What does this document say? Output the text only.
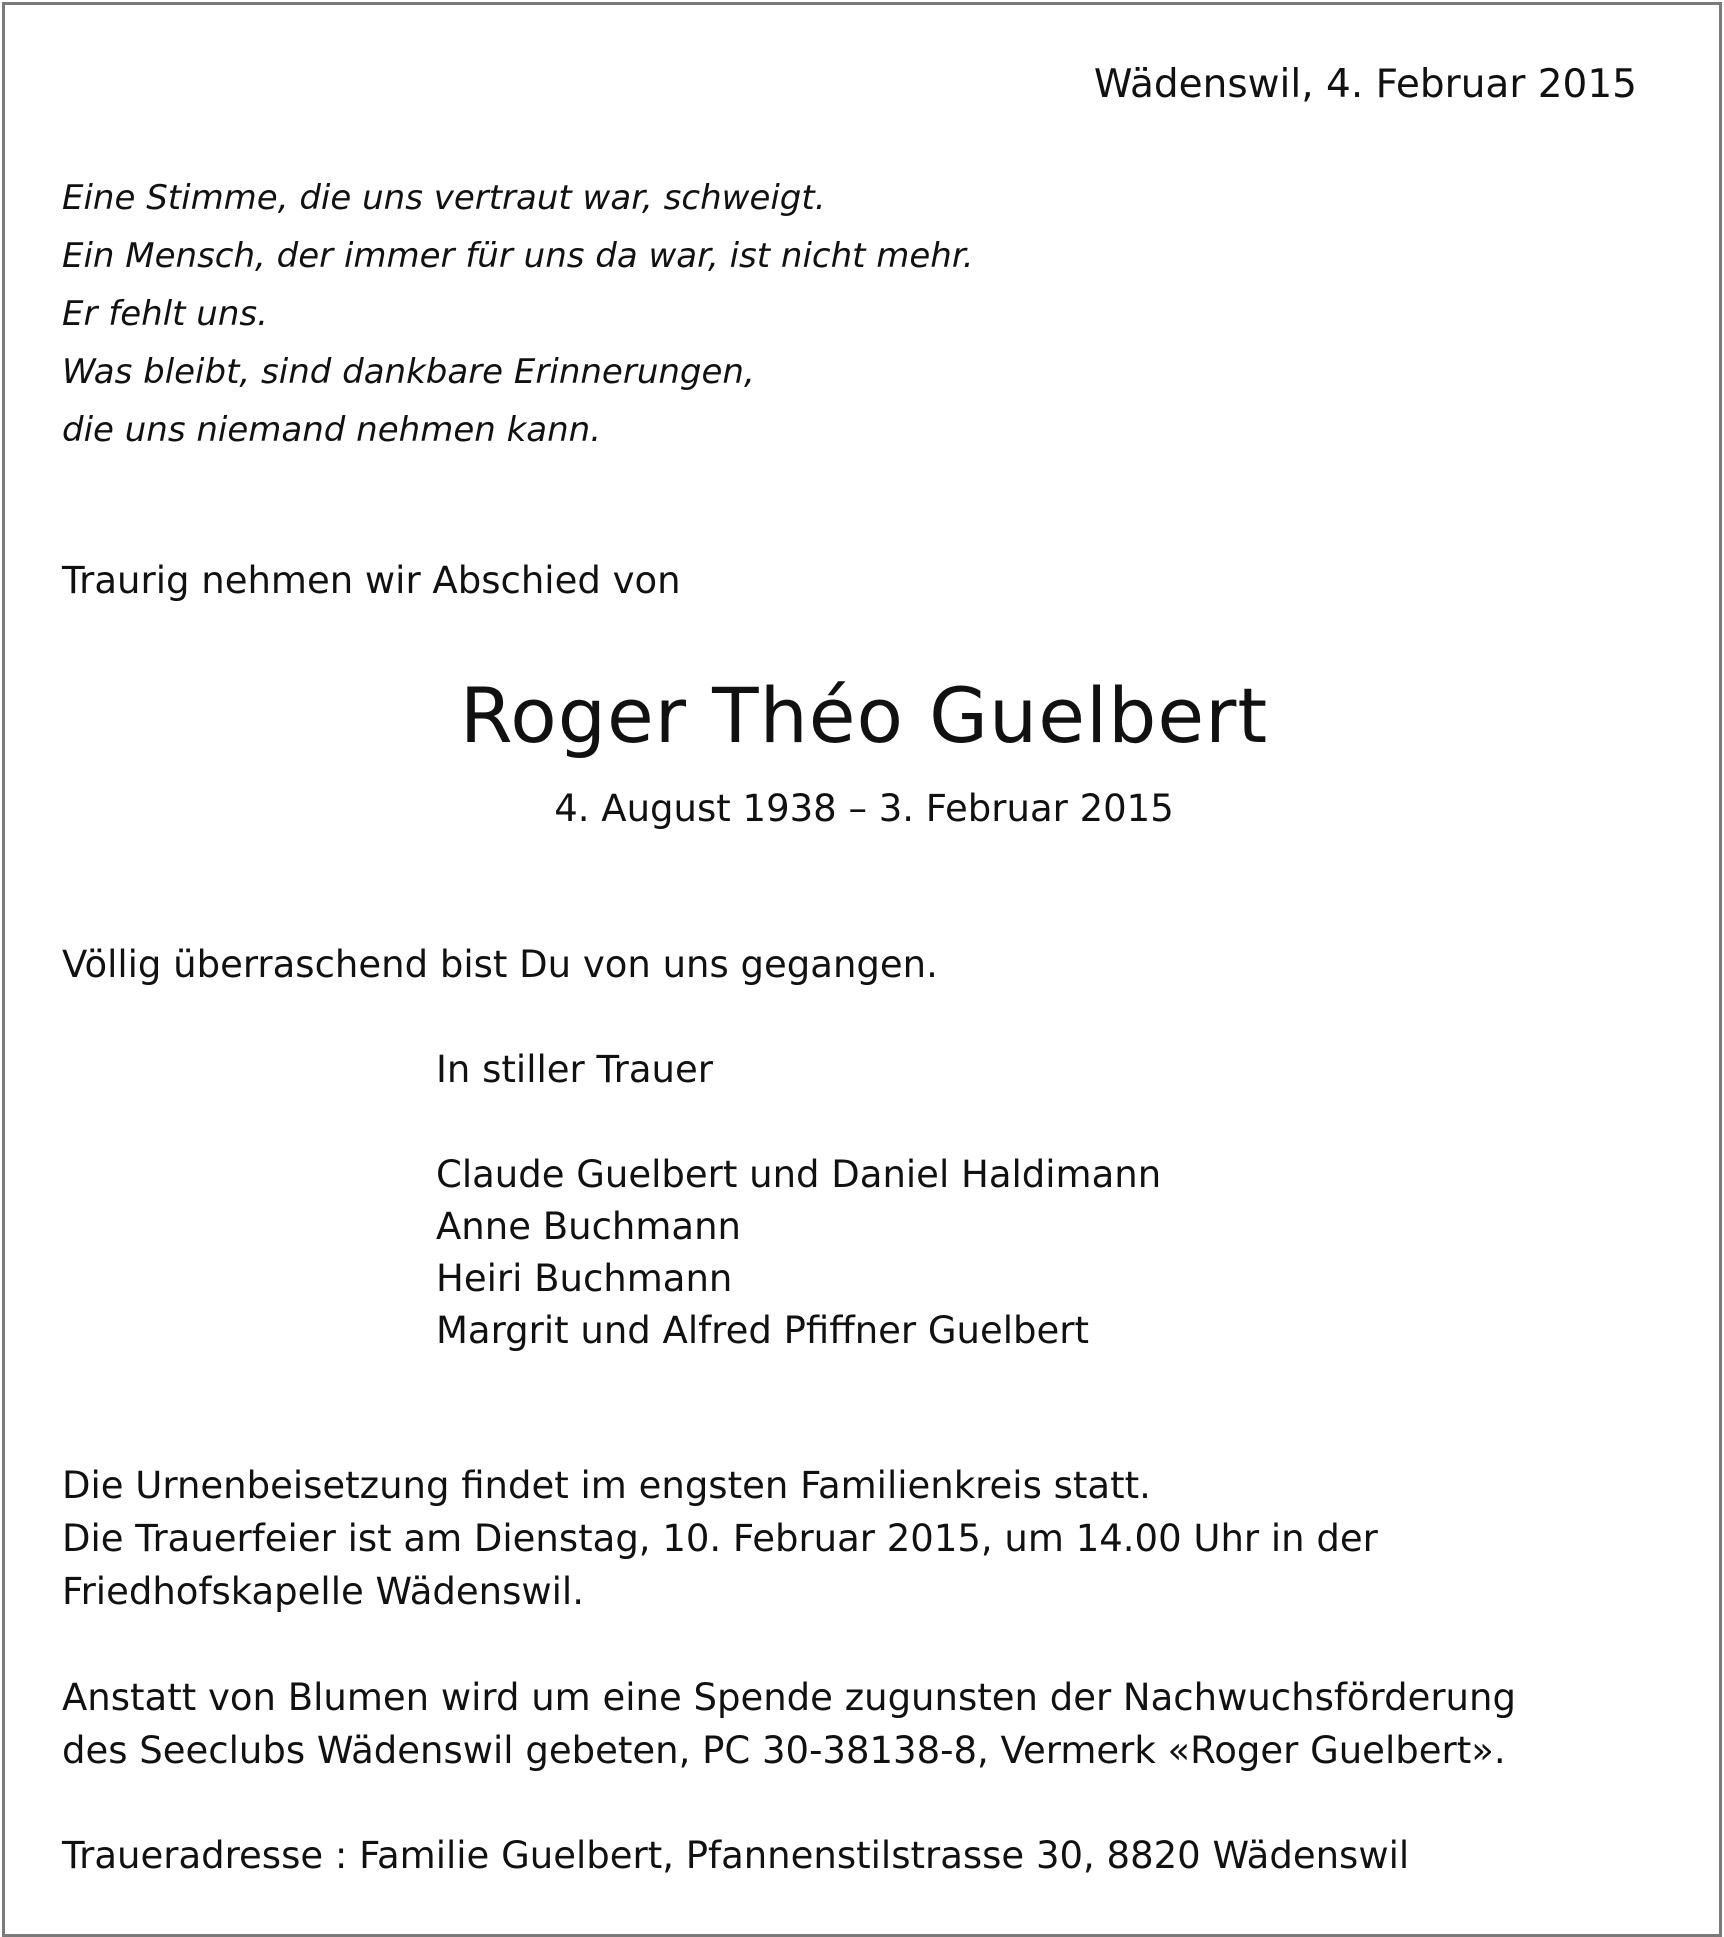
Wädenswil, 4. Februar 2015
Eine Stimme, die uns vertraut war, schweigt.
Ein Mensch, der immer für uns da war, ist nicht mehr.
Er fehlt uns.
Was bleibt, sind dankbare Erinnerungen,
die uns niemand nehmen kann.
Traurig nehmen wir Abschied von
Roger Théo Guelbert
4. August 1938 – 3. Februar 2015
Völlig überraschend bist Du von uns gegangen.
In stiller Trauer
Claude Guelbert und Daniel Haldimann
Anne Buchmann
Heiri Buchmann
Margrit und Alfred Pfiffner Guelbert
Die Urnenbeisetzung findet im engsten Familienkreis statt.
Die Trauerfeier ist am Dienstag, 10. Februar 2015, um 14.00 Uhr in der
Friedhofskapelle Wädenswil.
Anstatt von Blumen wird um eine Spende zugunsten der Nachwuchsförderung
des Seeclubs Wädenswil gebeten, PC 30-38138-8, Vermerk «Roger Guelbert».
Traueradresse : Familie Guelbert, Pfannenstilstrasse 30, 8820 Wädenswil
